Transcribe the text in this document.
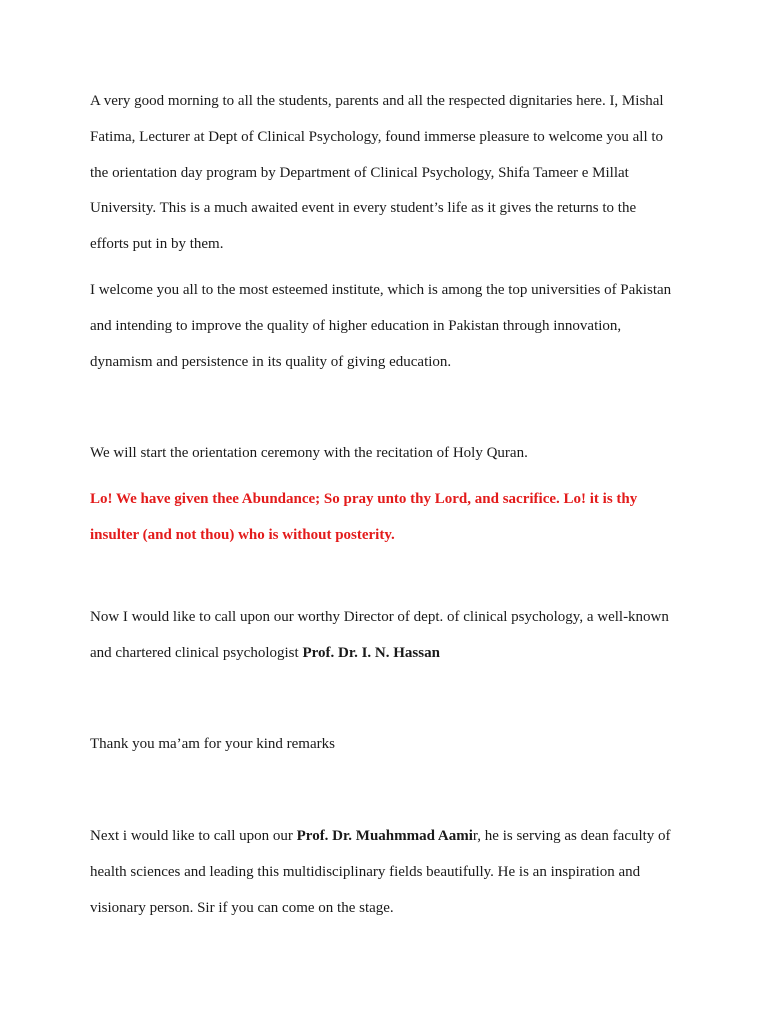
A very good morning to all the students, parents and all the respected dignitaries here. I, Mishal
Fatima, Lecturer at Dept of Clinical Psychology, found immerse pleasure to welcome you all to
the orientation day program by Department of Clinical Psychology, Shifa Tameer e Millat
University. This is a much awaited event in every student’s life as it gives the returns to the
efforts put in by them.
I welcome you all to the most esteemed institute, which is among the top universities of Pakistan
and intending to improve the quality of higher education in Pakistan through innovation,
dynamism and persistence in its quality of giving education.
We will start the orientation ceremony with the recitation of Holy Quran.
Lo! We have given thee Abundance; So pray unto thy Lord, and sacrifice. Lo! it is thy
insulter (and not thou) who is without posterity.
Now I would like to call upon our worthy Director of dept. of clinical psychology, a well-known
and chartered clinical psychologist Prof. Dr. I. N. Hassan
Thank you ma’am for your kind remarks
Next i would like to call upon our Prof. Dr. Muahmmad Aamir, he is serving as dean faculty of
health sciences and leading this multidisciplinary fields beautifully. He is an inspiration and
visionary person. Sir if you can come on the stage.
